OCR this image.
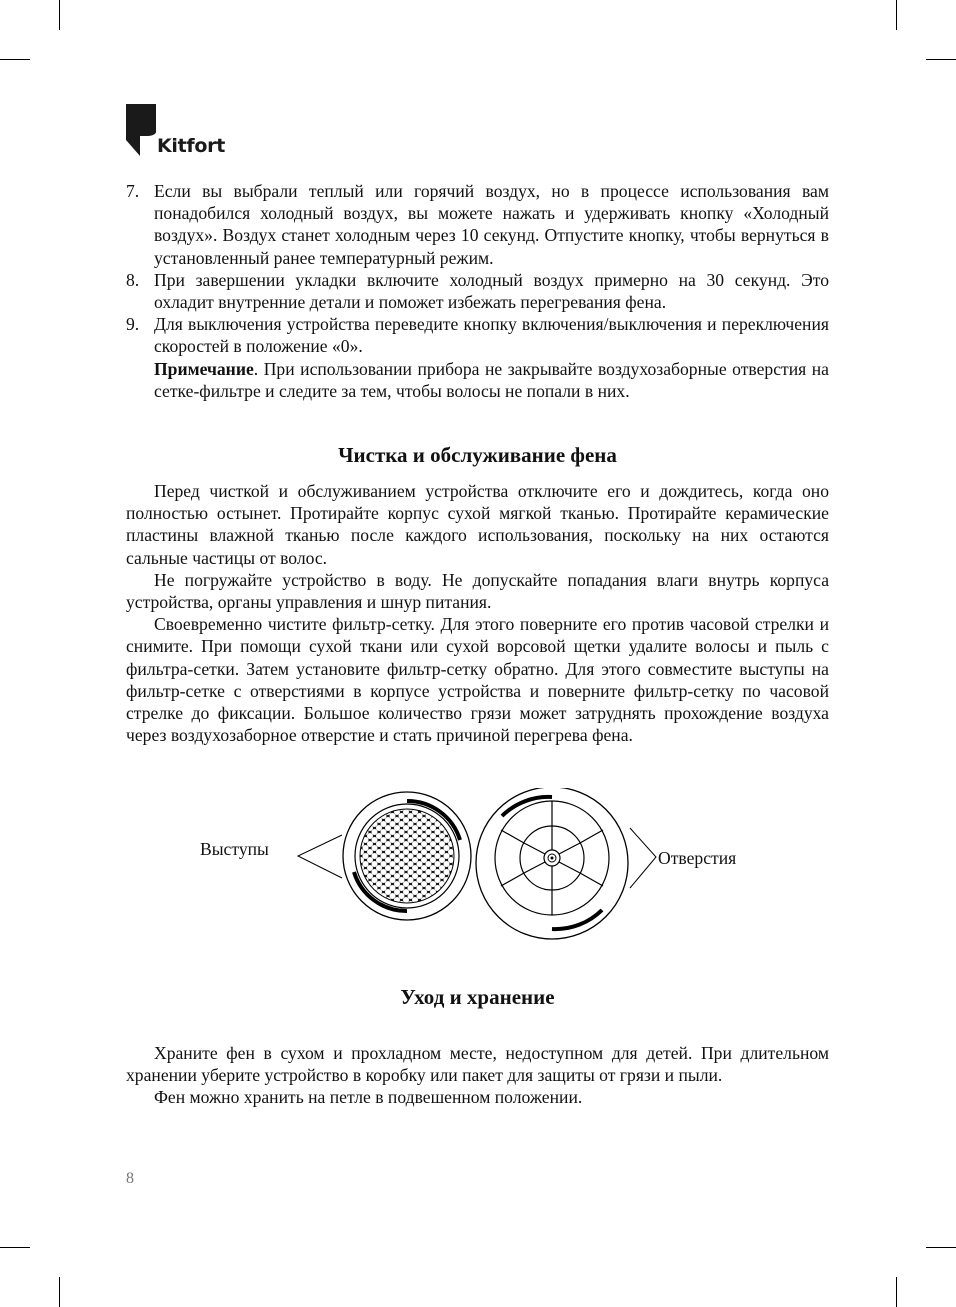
Kitfort
7. Если вы выбрали теплый или горячий воздух, но в процессе использования вам понадобился холодный воздух, вы можете нажать и удерживать кнопку «Холодный воздух». Воздух станет холодным через 10 секунд. Отпустите кнопку, чтобы вернуться в установленный ранее температурный режим.
8. При завершении укладки включите холодный воздух примерно на 30 секунд. Это охладит внутренние детали и поможет избежать перегревания фена.
9. Для выключения устройства переведите кнопку включения/выключения и переключения скоростей в положение «0».
Примечание. При использовании прибора не закрывайте воздухозаборные отверстия на сетке-фильтре и следите за тем, чтобы волосы не попали в них.
Чистка и обслуживание фена

Перед чисткой и обслуживанием устройства отключите его и дождитесь, когда оно полностью остынет. Протирайте корпус сухой мягкой тканью. Протирайте керамические пластины влажной тканью после каждого использования, поскольку на них остаются сальные частицы от волос.

Не погружайте устройство в воду. Не допускайте попадания влаги внутрь корпуса устройства, органы управления и шнур питания.

Своевременно чистите фильтр-сетку. Для этого поверните его против часовой стрелки и снимите. При помощи сухой ткани или сухой ворсовой щетки удалите волосы и пыль с фильтра-сетки. Затем установите фильтр-сетку обратно. Для этого совместите выступы на фильтр-сетке с отверстиями в корпусе устройства и поверните фильтр-сетку по часовой стрелке до фиксации. Большое количество грязи может затруднять прохождение воздуха через воздухозаборное отверстие и стать причиной перегрева фена.

Выступы	Отверстия
Уход и хранение

Храните фен в сухом и прохладном месте, недоступном для детей. При длительном хранении уберите устройство в коробку или пакет для защиты от грязи и пыли.

Фен можно хранить на петле в подвешенном положении.

8
